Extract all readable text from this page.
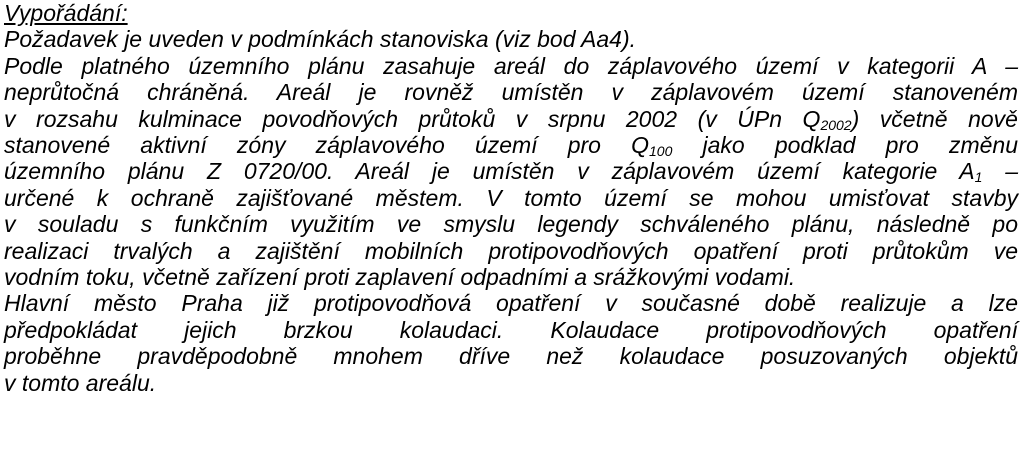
Vypořádání:
Požadavek je uveden v podmínkách stanoviska (viz bod Aa4).
Podle platného územního plánu zasahuje areál do záplavového území v kategorii A –
neprůtočná chráněná. Areál je rovněž umístěn v záplavovém území stanoveném
v rozsahu kulminace povodňových průtoků v srpnu 2002 (v ÚPn $Q_{2002}$) včetně nově
stanovené aktivní zóny záplavového území pro $Q_{100}$ jako podklad pro změnu
územního plánu Z 0720/00. Areál je umístěn v záplavovém území kategorie $A_1$ –
určené k ochraně zajišťované městem. V tomto území se mohou umisťovat stavby
v souladu s funkčním využitím ve smyslu legendy schváleného plánu, následně po
realizaci trvalých a zajištění mobilních protipovodňových opatření proti průtokům ve
vodním toku, včetně zařízení proti zaplavení odpadními a srážkovými vodami.
Hlavní město Praha již protipovodňová opatření v současné době realizuje a lze
předpokládat jejich brzkou kolaudaci. Kolaudace protipovodňových opatření
proběhne pravděpodobně mnohem dříve než kolaudace posuzovaných objektů
v tomto areálu.
